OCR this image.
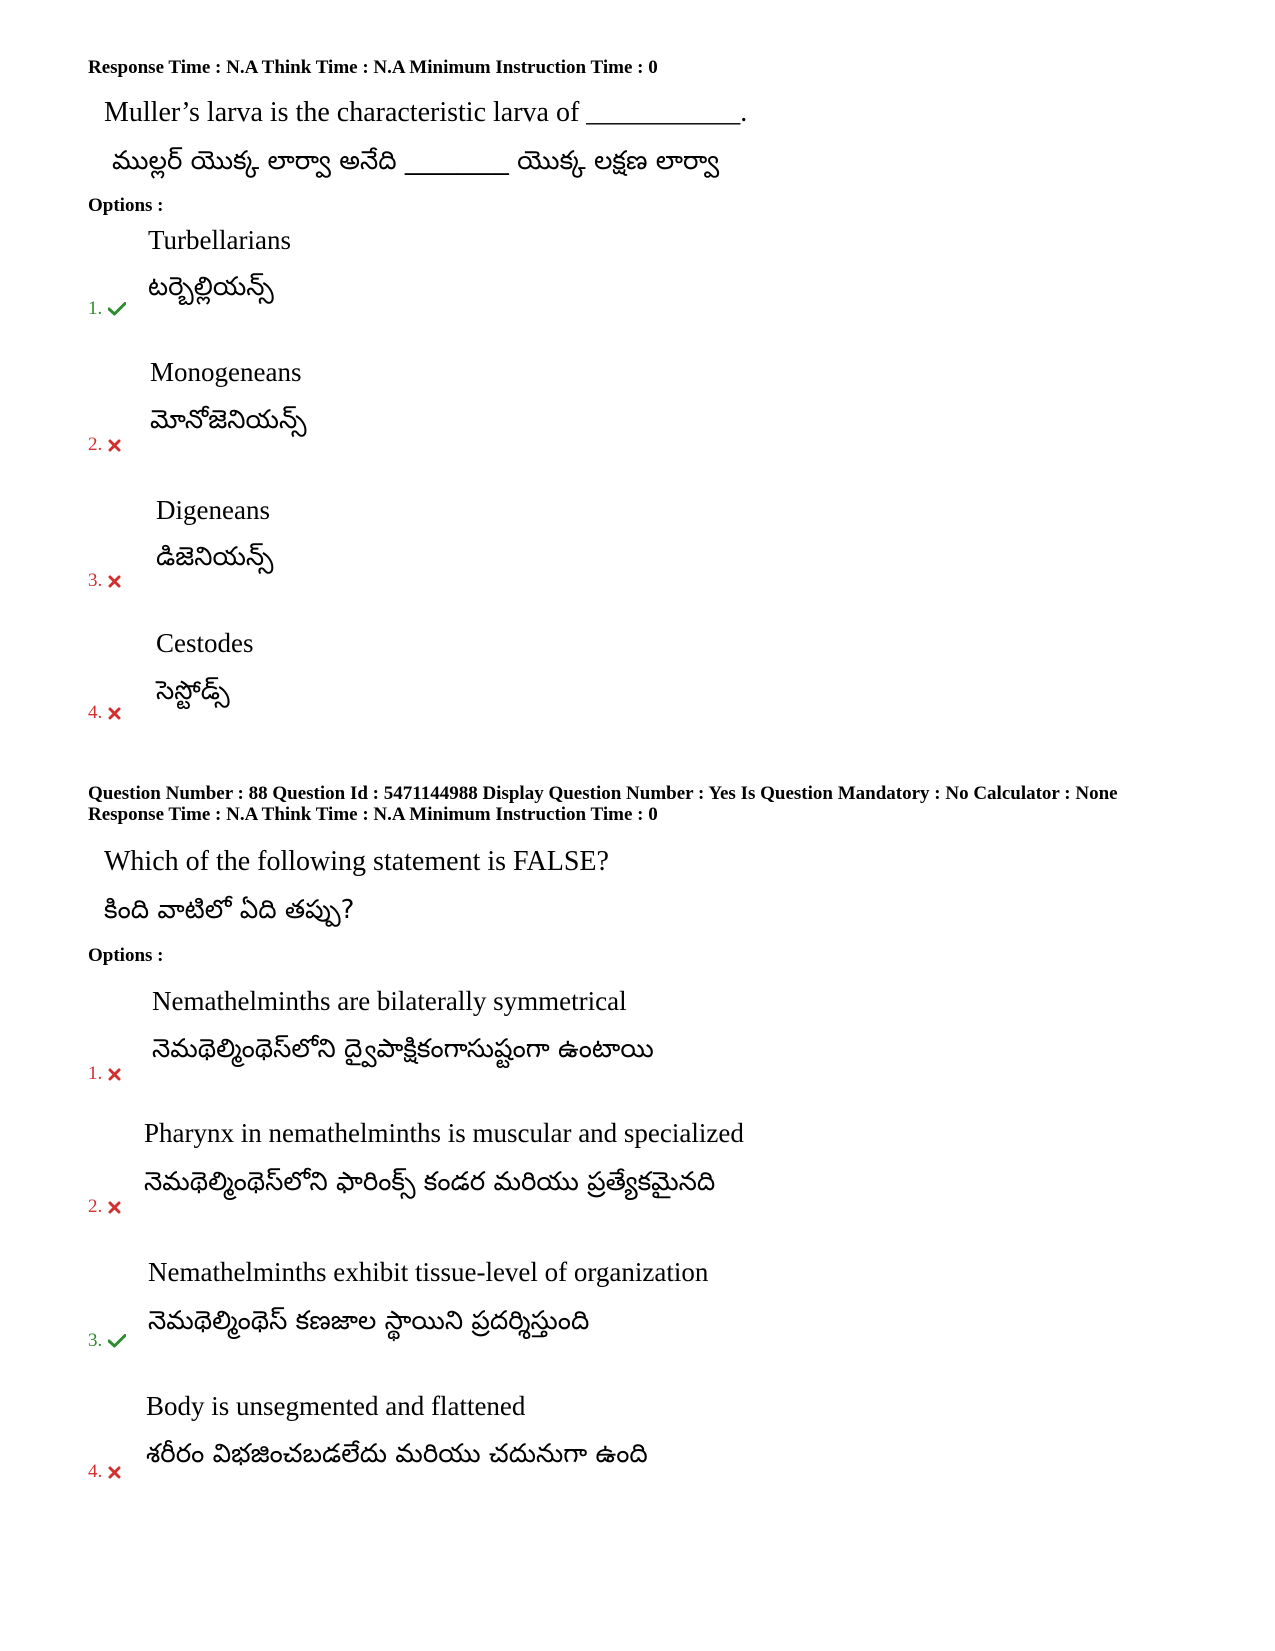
Response Time : N.A Think Time : N.A Minimum Instruction Time : 0
Muller’s larva is the characteristic larva of ___________.
ముల్లర్ యొక్క లార్వా అనేది ________ యొక్క లక్షణ లార్వా
Options :
Turbellarians
టర్బెల్లియన్స్
1.
Monogeneans
మోనోజెనియన్స్
2.
Digeneans
డిజెనియన్స్
3.
Cestodes
సెస్టోడ్స్
4.
Question Number : 88 Question Id : 5471144988 Display Question Number : Yes Is Question Mandatory : No Calculator : None
Response Time : N.A Think Time : N.A Minimum Instruction Time : 0
Which of the following statement is FALSE?
కింది వాటిలో ఏది తప్పు?
Options :
Nemathelminths are bilaterally symmetrical
నెమథెల్మింథెస్‌లోని ద్వైపాక్షికంగాసుష్టంగా ఉంటాయి
1.
Pharynx in nemathelminths is muscular and specialized
నెమథెల్మింథెస్‌లోని ఫారింక్స్ కండర మరియు ప్రత్యేకమైనది
2.
Nemathelminths exhibit tissue-level of organization
నెమథెల్మింథెస్ కణజాల స్థాయిని ప్రదర్శిస్తుంది
3.
Body is unsegmented and flattened
శరీరం విభజించబడలేదు మరియు చదునుగా ఉంది
4.
